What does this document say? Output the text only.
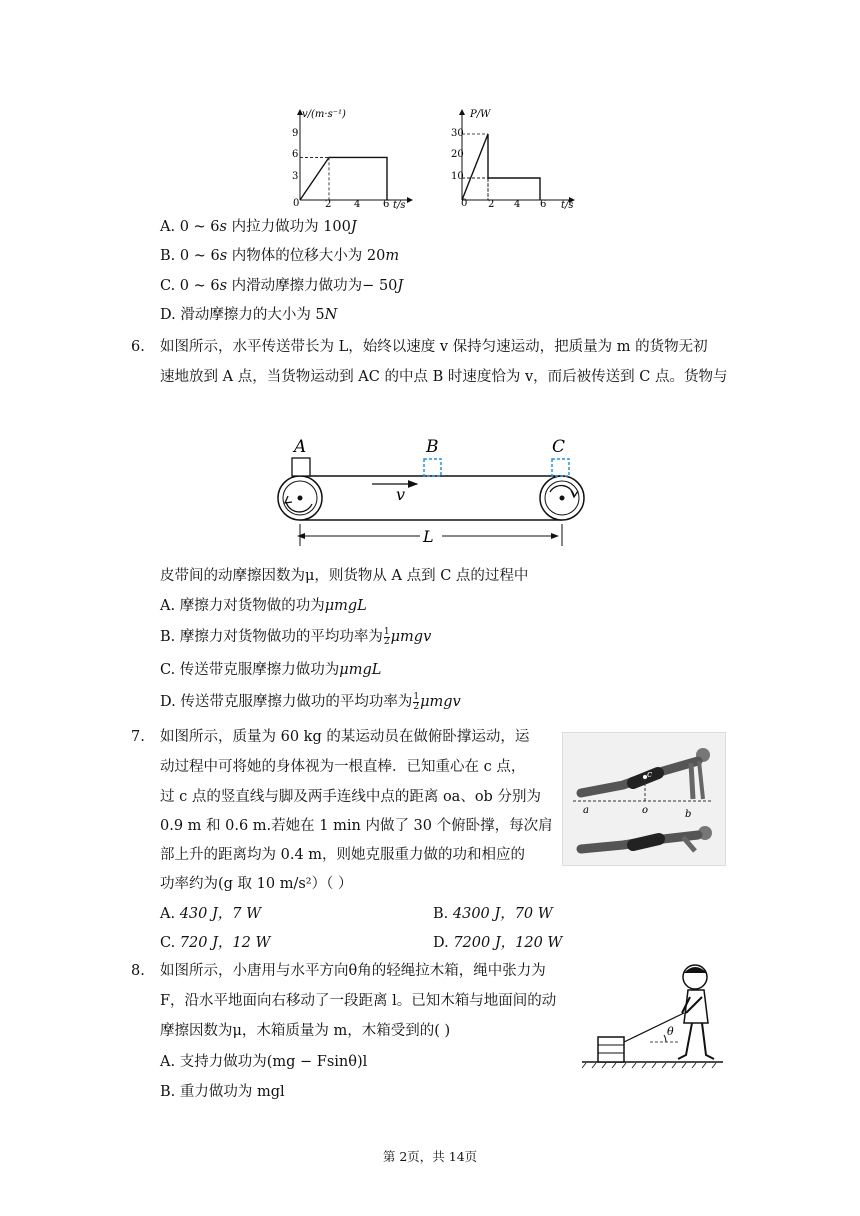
v/(m·s⁻¹)
t/s
0
3
6
9
2 4 6
P/W
t/s
0
10
20
30
2 4 6
A. 0 ~ 6s 内拉力做功为 100J
B. 0 ~ 6s 内物体的位移大小为 20m
C. 0 ~ 6s 内滑动摩擦力做功为− 50J
D. 滑动摩擦力的大小为 5N
6. 如图所示，水平传送带长为 L，始终以速度 v 保持匀速运动，把质量为 m 的货物无初
速地放到 A 点，当货物运动到 AC 的中点 B 时速度恰为 v，而后被传送到 C 点。货物与
A	B	C
v
L
皮带间的动摩擦因数为μ，则货物从 A 点到 C 点的过程中
A. 摩擦力对货物做的功为μmgL
B. 摩擦力对货物做功的平均功率为 $\frac{1}{2}$ μmgv
C. 传送带克服摩擦力做功为μmgL
D. 传送带克服摩擦力做功的平均功率为 $\frac{1}{2}$ μmgv
7. 如图所示，质量为 60 kg 的某运动员在做俯卧撑运动，运
动过程中可将她的身体视为一根直棒．已知重心在 c 点，
过 c 点的竖直线与脚及两手连线中点的距离 oa、ob 分别为
0.9 m 和 0.6 m.若她在 1 min 内做了 30 个俯卧撑，每次肩
部上升的距离均为 0.4 m，则她克服重力做的功和相应的
功率约为(g 取 10 m/s²）（ ）
c
a	o	b
A. 430 J，7 W	B. 4300 J，70 W
C. 720 J，12 W	D. 7200 J，120 W
8. 如图所示，小唐用与水平方向θ角的轻绳拉木箱，绳中张力为
F，沿水平地面向右移动了一段距离 l。已知木箱与地面间的动
摩擦因数为μ，木箱质量为 m，木箱受到的( )	θ
A. 支持力做功为(mg − Fsinθ)l
B. 重力做功为 mgl
第 2页，共 14页
